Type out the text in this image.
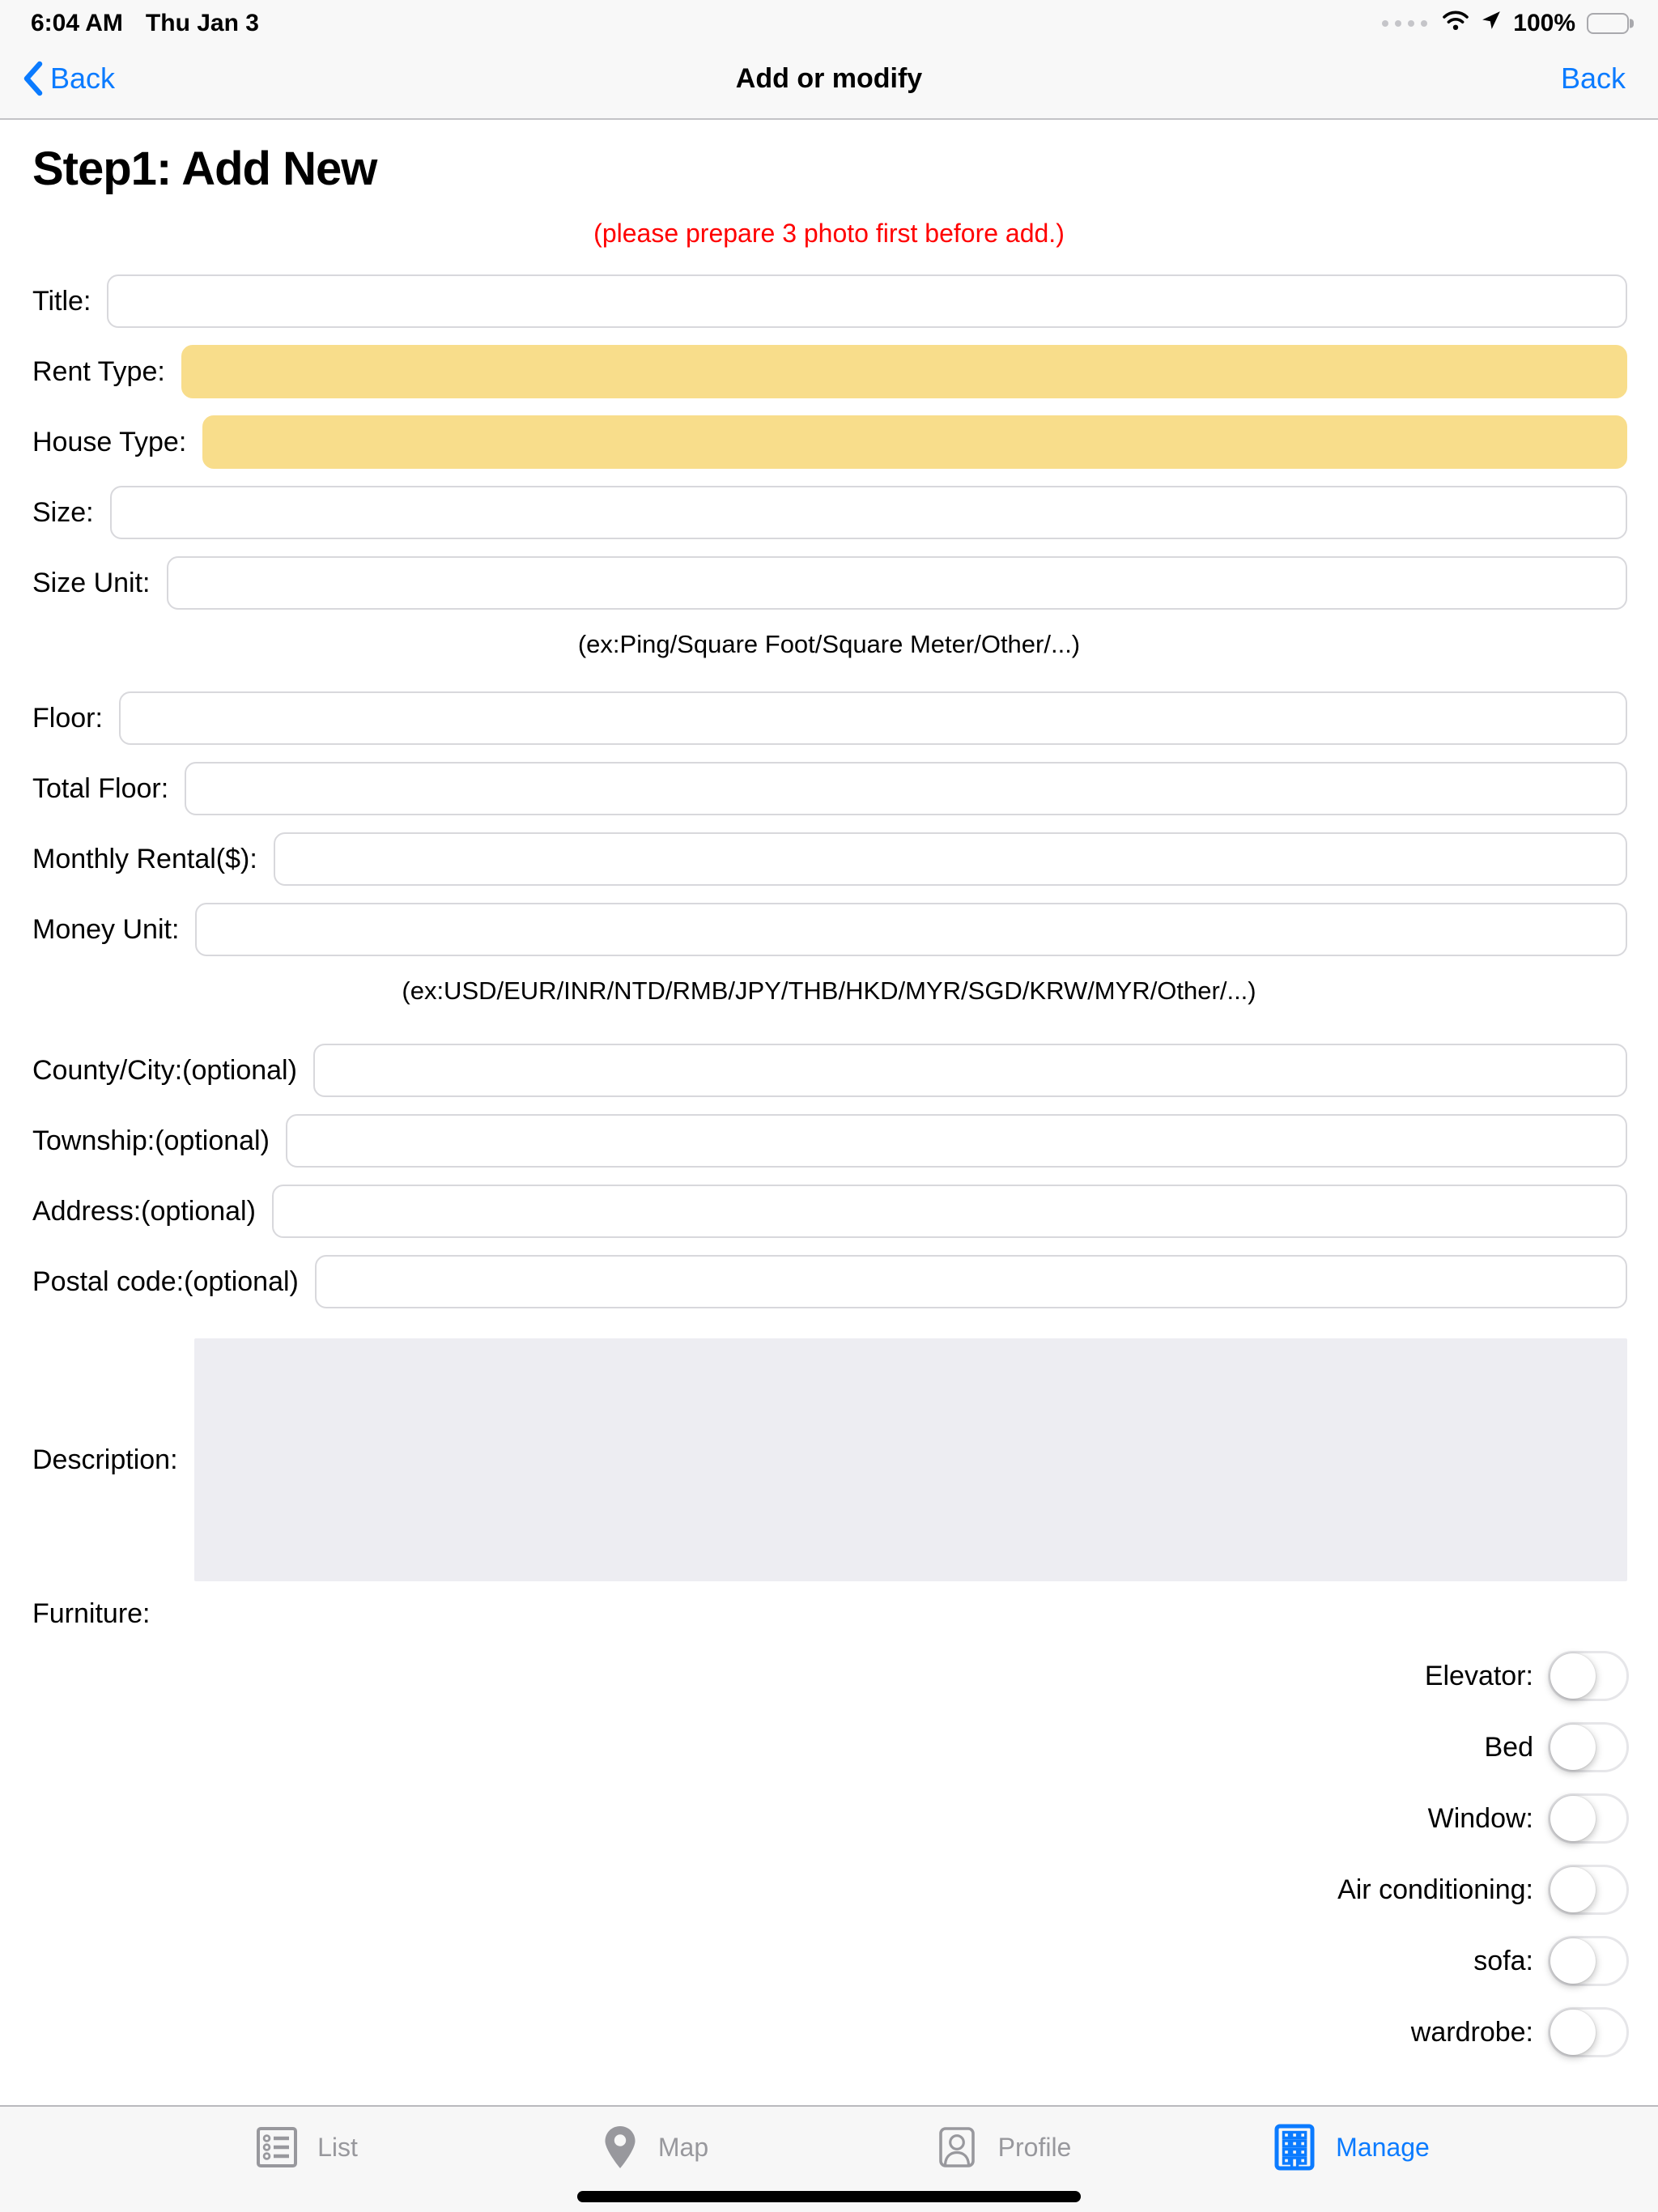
6:04 AM Thu Jan 3	100%
Back	Add or modify	Back
Step1: Add New
(please prepare 3 photo first before add.)
Title:
Rent Type:
House Type:
Size:
Size Unit:
(ex:Ping/Square Foot/Square Meter/Other/...)
Floor:
Total Floor:
Monthly Rental($):
Money Unit:
(ex:USD/EUR/INR/NTD/RMB/JPY/THB/HKD/MYR/SGD/KRW/MYR/Other/...)
County/City:(optional)
Township:(optional)
Address:(optional)
Postal code:(optional)
Description:
Furniture:
Elevator:
Bed
Window:
Air conditioning:
sofa:
wardrobe:
List	Map	Profile	Manage
